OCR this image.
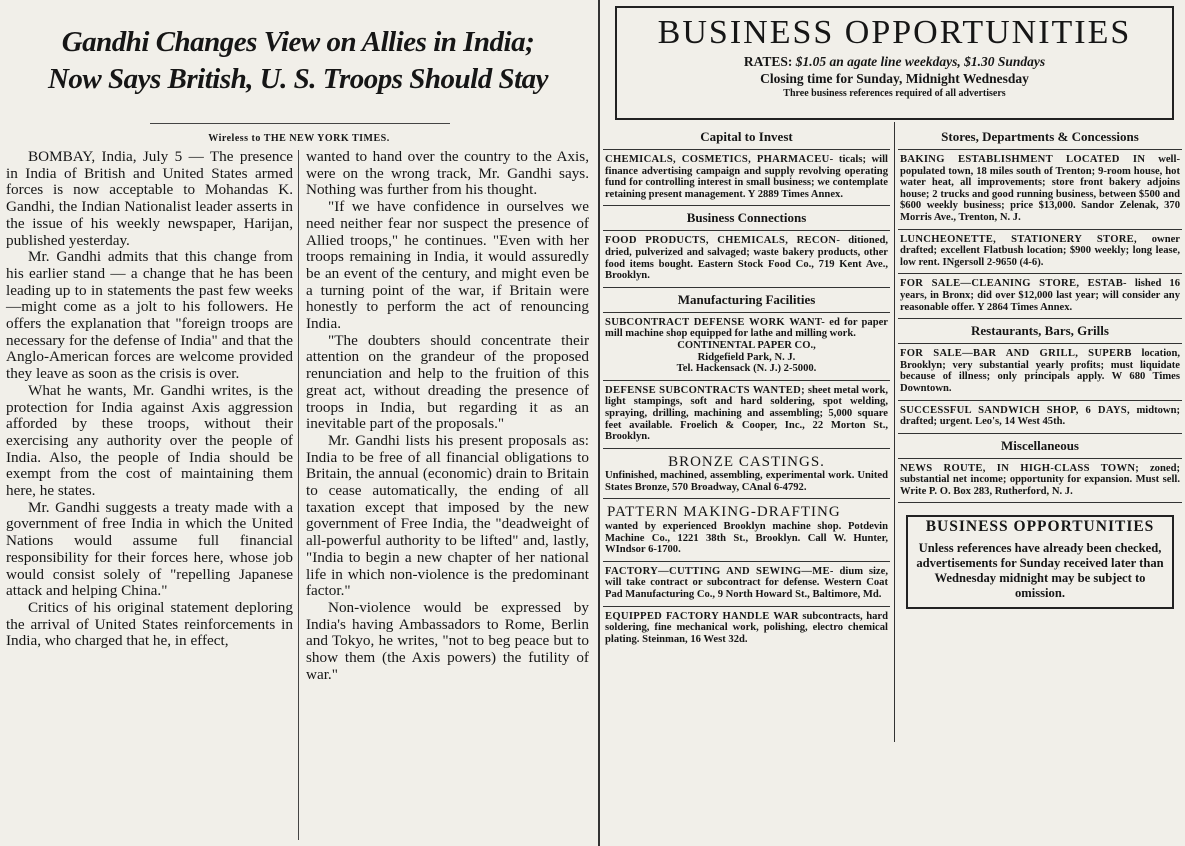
Gandhi Changes View on Allies in India;
Now Says British, U. S. Troops Should Stay
Wireless to THE NEW YORK TIMES.

BOMBAY, India, July 5 — The presence in India of British and United States armed forces is now acceptable to Mohandas K. Gandhi, the Indian Nationalist leader asserts in the issue of his weekly newspaper, Harijan, published yesterday.

Mr. Gandhi admits that this change from his earlier stand — a change that he has been leading up to in statements the past few weeks—might come as a jolt to his followers. He offers the explanation that "foreign troops are necessary for the defense of India" and that the Anglo-American forces are welcome provided they leave as soon as the crisis is over.

What he wants, Mr. Gandhi writes, is the protection for India against Axis aggression afforded by these troops, without their exercising any authority over the people of India. Also, the people of India should be exempt from the cost of maintaining them here, he states.

Mr. Gandhi suggests a treaty made with a government of free India in which the United Nations would assume full financial responsibility for their forces here, whose job would consist solely of "repelling Japanese attack and helping China."

Critics of his original statement deploring the arrival of United States reinforcements in India, who charged that he, in effect,

wanted to hand over the country to the Axis, were on the wrong track, Mr. Gandhi says. Nothing was further from his thought.

"If we have confidence in ourselves we need neither fear nor suspect the presence of Allied troops," he continues. "Even with her troops remaining in India, it would assuredly be an event of the century, and might even be a turning point of the war, if Britain were honestly to perform the act of renouncing India.

"The doubters should concentrate their attention on the grandeur of the proposed renunciation and help to the fruition of this great act, without dreading the presence of troops in India, but regarding it as an inevitable part of the proposals."

Mr. Gandhi lists his present proposals as: India to be free of all financial obligations to Britain, the annual (economic) drain to Britain to cease automatically, the ending of all taxation except that imposed by the new government of Free India, the "deadweight of all-powerful authority to be lifted" and, lastly, "India to begin a new chapter of her national life in which non-violence is the predominant factor."

Non-violence would be expressed by India's having Ambassadors to Rome, Berlin and Tokyo, he writes, "not to beg peace but to show them (the Axis powers) the futility of war."

BUSINESS OPPORTUNITIES
RATES: $1.05 an agate line weekdays, $1.30 Sundays
Closing time for Sunday, Midnight Wednesday
Three business references required of all advertisers
Capital to Invest
CHEMICALS, COSMETICS, PHARMACEU- ticals; will finance advertising campaign and supply revolving operating fund for controlling interest in small business; we contemplate retaining present management. Y 2889 Times Annex.
Business Connections
FOOD PRODUCTS, CHEMICALS, RECON- ditioned, dried, pulverized and salvaged; waste bakery products, other food items bought. Eastern Stock Food Co., 719 Kent Ave., Brooklyn.
Manufacturing Facilities
SUBCONTRACT DEFENSE WORK WANT- ed for paper mill machine shop equipped for lathe and milling work.
CONTINENTAL PAPER CO.,
Ridgefield Park, N. J.
Tel. Hackensack (N. J.) 2-5000.
DEFENSE SUBCONTRACTS WANTED; sheet metal work, light stampings, soft and hard soldering, spot welding, spraying, drilling, machining and assembling; 5,000 square feet available. Froelich & Cooper, Inc., 22 Morton St., Brooklyn.
BRONZE CASTINGS.
Unfinished, machined, assembling, experimental work. United States Bronze, 570 Broadway, CAnal 6-4792.
PATTERN MAKING-DRAFTING
wanted by experienced Brooklyn machine shop. Potdevin Machine Co., 1221 38th St., Brooklyn. Call W. Hunter, WIndsor 6-1700.
FACTORY—CUTTING AND SEWING—ME- dium size, will take contract or subcontract for defense. Western Coat Pad Manufacturing Co., 9 North Howard St., Baltimore, Md.
EQUIPPED FACTORY HANDLE WAR subcontracts, hard soldering, fine mechanical work, polishing, electro chemical plating. Steinman, 16 West 32d.
Stores, Departments & Concessions
BAKING ESTABLISHMENT LOCATED IN well-populated town, 18 miles south of Trenton; 9-room house, hot water heat, all improvements; store front bakery adjoins house; 2 trucks and good running business, between $500 and $600 weekly business; price $13,000. Sandor Zelenak, 370 Morris Ave., Trenton, N. J.
LUNCHEONETTE, STATIONERY STORE, owner drafted; excellent Flatbush location; $900 weekly; long lease, low rent. INgersoll 2-9650 (4-6).
FOR SALE—CLEANING STORE, ESTAB- lished 16 years, in Bronx; did over $12,000 last year; will consider any reasonable offer. Y 2864 Times Annex.
Restaurants, Bars, Grills
FOR SALE—BAR AND GRILL, SUPERB location, Brooklyn; very substantial yearly profits; must liquidate because of illness; only principals apply. W 680 Times Downtown.
SUCCESSFUL SANDWICH SHOP, 6 DAYS, midtown; drafted; urgent. Leo's, 14 West 45th.
Miscellaneous
NEWS ROUTE, IN HIGH-CLASS TOWN; zoned; substantial net income; opportunity for expansion. Must sell. Write P. O. Box 283, Rutherford, N. J.
BUSINESS OPPORTUNITIES
Unless references have already been checked, advertisements for Sunday received later than Wednesday midnight may be subject to omission.
